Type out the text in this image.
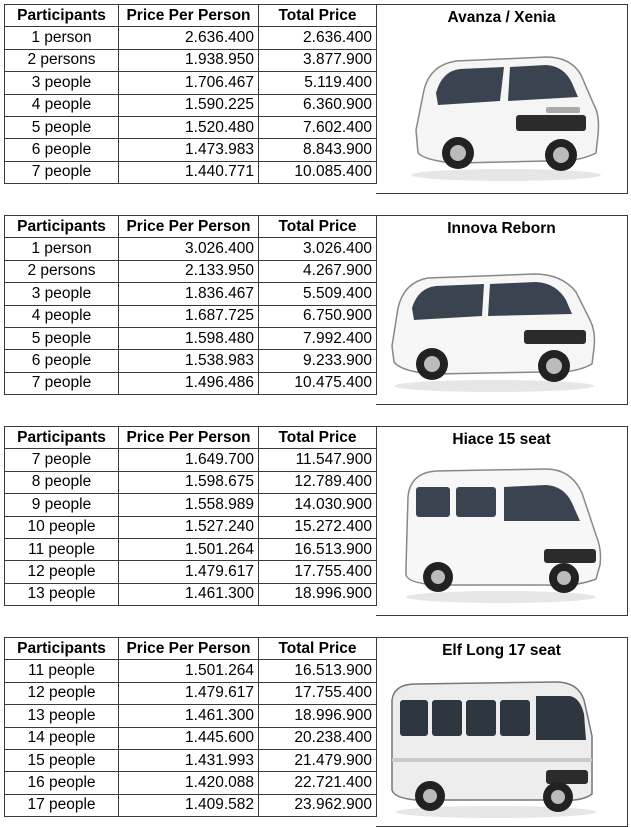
Participants	Price Per Person	Total Price
1 person	2.636.400	2.636.400
2 persons	1.938.950	3.877.900
3 people	1.706.467	5.119.400
4 people	1.590.225	6.360.900
5 people	1.520.480	7.602.400
6 people	1.473.983	8.843.900
7 people	1.440.771	10.085.400
Avanza / Xenia
Participants	Price Per Person	Total Price
1 person	3.026.400	3.026.400
2 persons	2.133.950	4.267.900
3 people	1.836.467	5.509.400
4 people	1.687.725	6.750.900
5 people	1.598.480	7.992.400
6 people	1.538.983	9.233.900
7 people	1.496.486	10.475.400
Innova Reborn
Participants	Price Per Person	Total Price
7 people	1.649.700	11.547.900
8 people	1.598.675	12.789.400
9 people	1.558.989	14.030.900
10 people	1.527.240	15.272.400
11 people	1.501.264	16.513.900
12 people	1.479.617	17.755.400
13 people	1.461.300	18.996.900
Hiace 15 seat
Participants	Price Per Person	Total Price
11 people	1.501.264	16.513.900
12 people	1.479.617	17.755.400
13 people	1.461.300	18.996.900
14 people	1.445.600	20.238.400
15 people	1.431.993	21.479.900
16 people	1.420.088	22.721.400
17 people	1.409.582	23.962.900
Elf Long 17 seat
